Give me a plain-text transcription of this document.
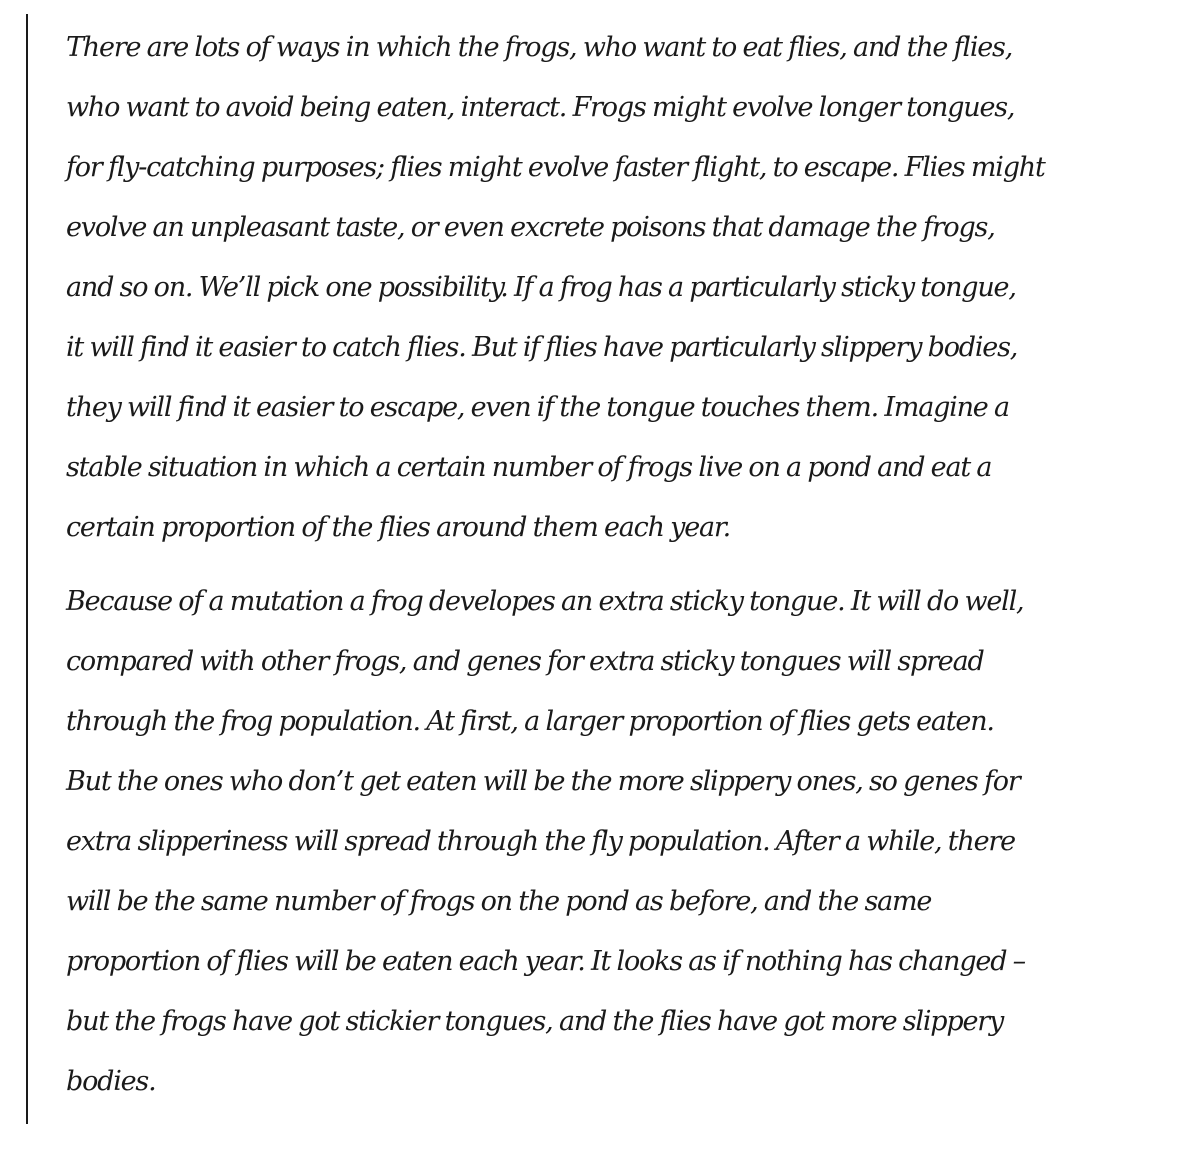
There are lots of ways in which the frogs, who want to eat flies, and the flies,
who want to avoid being eaten, interact. Frogs might evolve longer tongues,
for fly-catching purposes; flies might evolve faster flight, to escape. Flies might
evolve an unpleasant taste, or even excrete poisons that damage the frogs,
and so on. We’ll pick one possibility. If a frog has a particularly sticky tongue,
it will find it easier to catch flies. But if flies have particularly slippery bodies,
they will find it easier to escape, even if the tongue touches them. Imagine a
stable situation in which a certain number of frogs live on a pond and eat a
certain proportion of the flies around them each year.

Because of a mutation a frog developes an extra sticky tongue. It will do well,
compared with other frogs, and genes for extra sticky tongues will spread
through the frog population. At first, a larger proportion of flies gets eaten.
But the ones who don’t get eaten will be the more slippery ones, so genes for
extra slipperiness will spread through the fly population. After a while, there
will be the same number of frogs on the pond as before, and the same
proportion of flies will be eaten each year. It looks as if nothing has changed –
but the frogs have got stickier tongues, and the flies have got more slippery
bodies.
